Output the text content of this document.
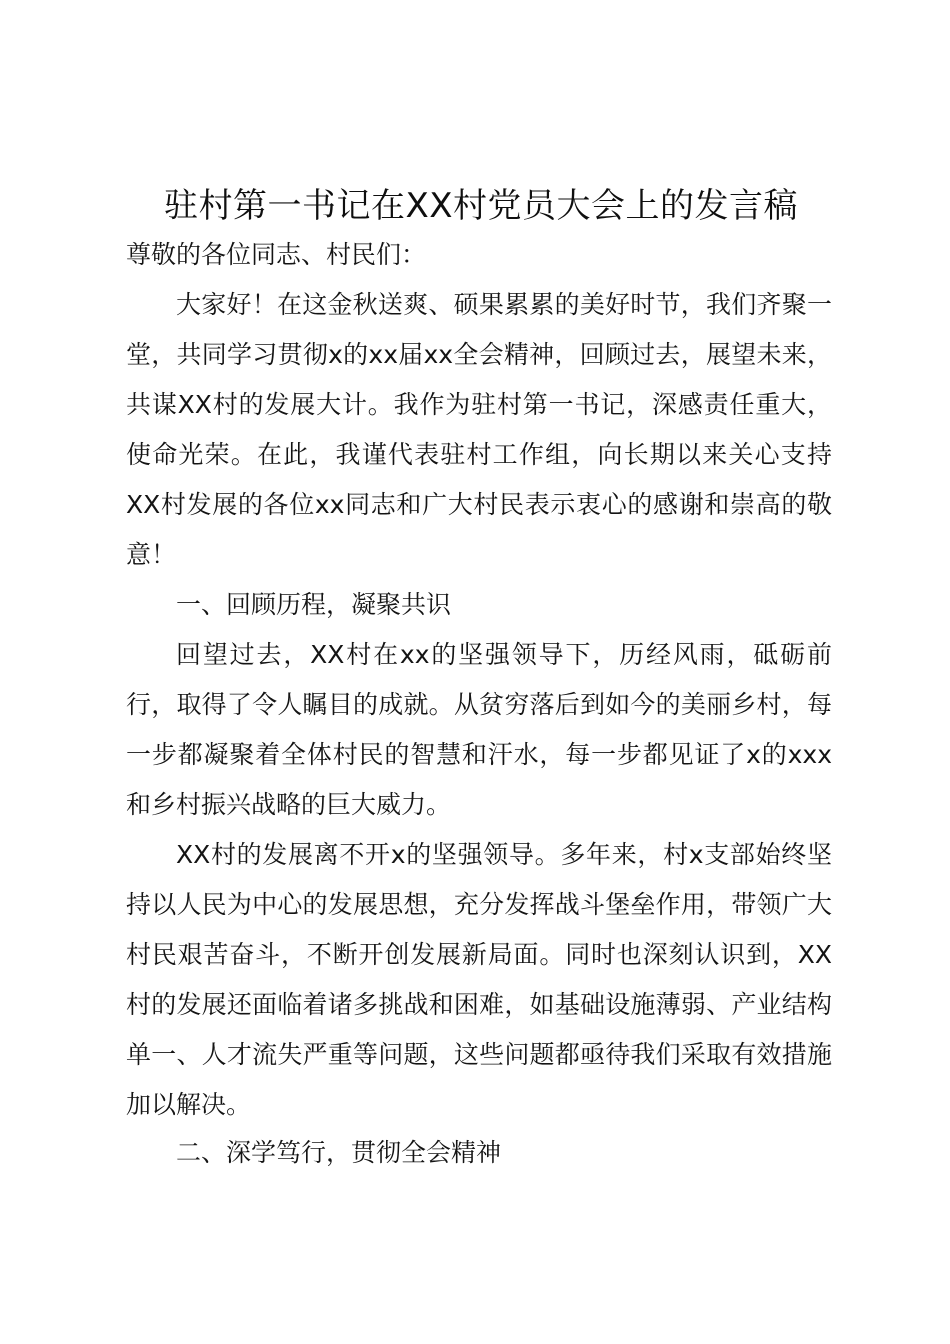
驻村第一书记在XX村党员大会上的发言稿
尊敬的各位同志、村民们：
大家好！在这金秋送爽、硕果累累的美好时节，我们齐聚一堂，共同学习贯彻x的xx届xx全会精神，回顾过去，展望未来，共谋XX村的发展大计。我作为驻村第一书记，深感责任重大，使命光荣。在此，我谨代表驻村工作组，向长期以来关心支持XX村发展的各位xx同志和广大村民表示衷心的感谢和崇高的敬意！
一、回顾历程，凝聚共识
回望过去，XX村在xx的坚强领导下，历经风雨，砥砺前行，取得了令人瞩目的成就。从贫穷落后到如今的美丽乡村，每一步都凝聚着全体村民的智慧和汗水，每一步都见证了x的xxx和乡村振兴战略的巨大威力。
XX村的发展离不开x的坚强领导。多年来，村x支部始终坚持以人民为中心的发展思想，充分发挥战斗堡垒作用，带领广大村民艰苦奋斗，不断开创发展新局面。同时也深刻认识到，XX村的发展还面临着诸多挑战和困难，如基础设施薄弱、产业结构单一、人才流失严重等问题，这些问题都亟待我们采取有效措施加以解决。
二、深学笃行，贯彻全会精神
